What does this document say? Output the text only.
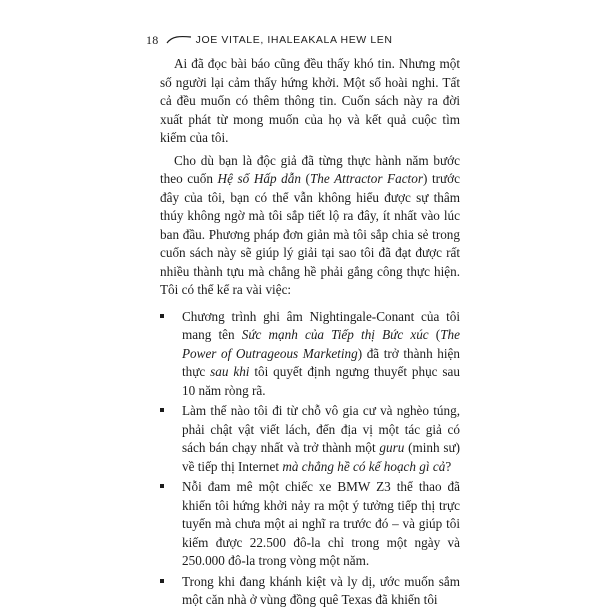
18	JOE VITALE, IHALEAKALA HEW LEN

Ai đã đọc bài báo cũng đều thấy khó tin. Nhưng một số người lại cảm thấy hứng khởi. Một số hoài nghi. Tất cả đều muốn có thêm thông tin. Cuốn sách này ra đời xuất phát từ mong muốn của họ và kết quả cuộc tìm kiếm của tôi.

Cho dù bạn là độc giả đã từng thực hành năm bước theo cuốn Hệ số Hấp dẫn (The Attractor Factor) trước đây của tôi, bạn có thể vẫn không hiểu được sự thâm thúy không ngờ mà tôi sắp tiết lộ ra đây, ít nhất vào lúc ban đầu. Phương pháp đơn giản mà tôi sắp chia sẻ trong cuốn sách này sẽ giúp lý giải tại sao tôi đã đạt được rất nhiều thành tựu mà chẳng hề phải gắng công thực hiện. Tôi có thể kể ra vài việc:

Chương trình ghi âm Nightingale-Conant của tôi mang tên Sức mạnh của Tiếp thị Bức xúc (The Power of Outrageous Marketing) đã trở thành hiện thực sau khi tôi quyết định ngưng thuyết phục sau 10 năm ròng rã.
Làm thế nào tôi đi từ chỗ vô gia cư và nghèo túng, phải chật vật viết lách, đến địa vị một tác giả có sách bán chạy nhất và trở thành một guru (minh sư) về tiếp thị Internet mà chẳng hề có kế hoạch gì cả?
Nỗi đam mê một chiếc xe BMW Z3 thể thao đã khiến tôi hứng khởi nảy ra một ý tưởng tiếp thị trực tuyến mà chưa một ai nghĩ ra trước đó – và giúp tôi kiếm được 22.500 đô-la chỉ trong một ngày và 250.000 đô-la trong vòng một năm.
Trong khi đang khánh kiệt và ly dị, ước muốn sắm một căn nhà ở vùng đồng quê Texas đã khiến tôi
